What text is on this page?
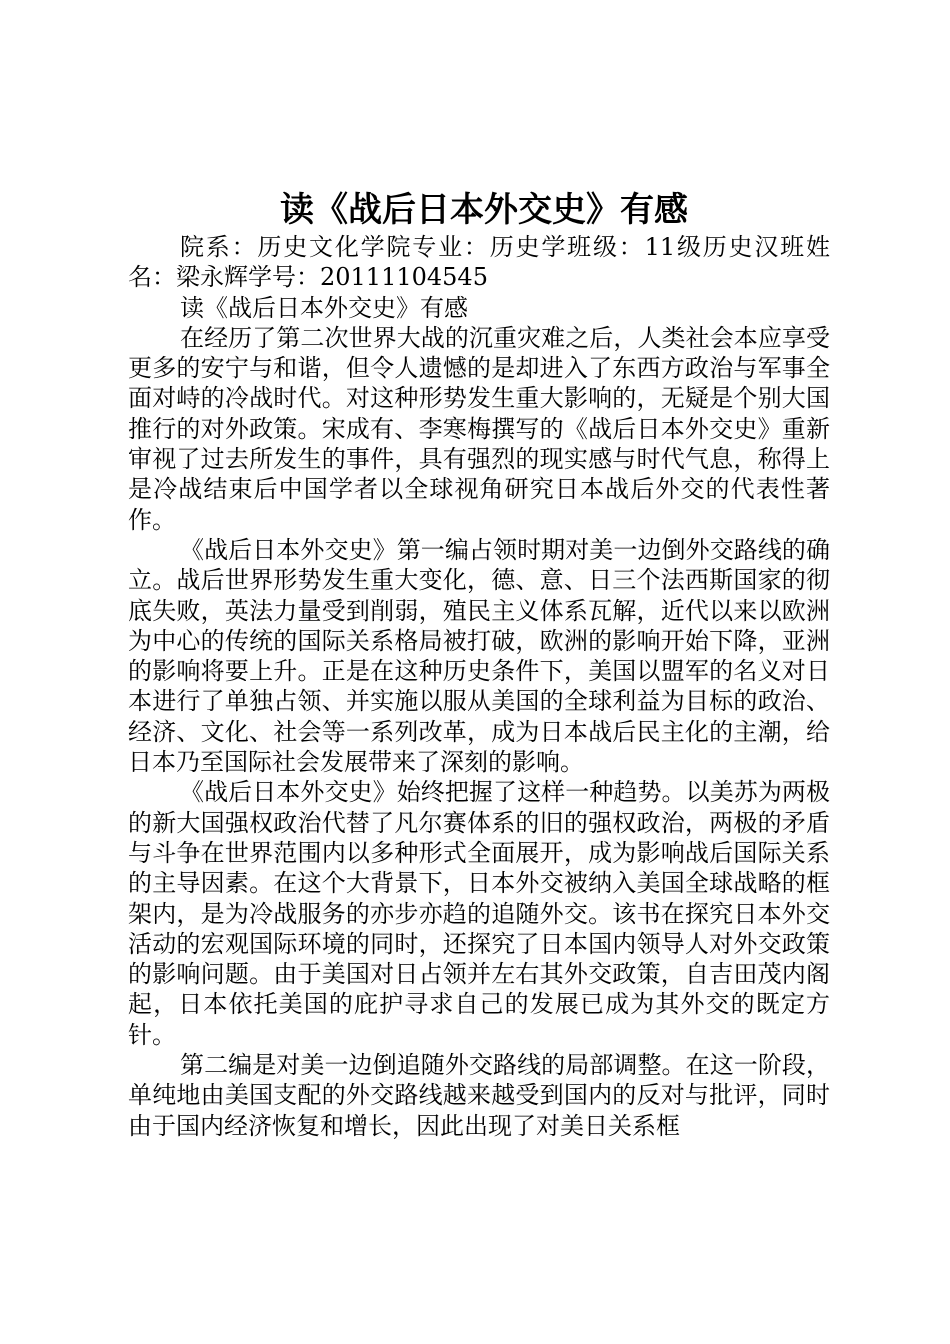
读《战后日本外交史》有感

院系：历史文化学院专业：历史学班级：11级历史汉班姓名：梁永辉学号：20111104545

读《战后日本外交史》有感

在经历了第二次世界大战的沉重灾难之后，人类社会本应享受更多的安宁与和谐，但令人遗憾的是却进入了东西方政治与军事全面对峙的冷战时代。对这种形势发生重大影响的，无疑是个别大国推行的对外政策。宋成有、李寒梅撰写的《战后日本外交史》重新审视了过去所发生的事件，具有强烈的现实感与时代气息，称得上是冷战结束后中国学者以全球视角研究日本战后外交的代表性著作。

《战后日本外交史》第一编占领时期对美一边倒外交路线的确立。战后世界形势发生重大变化，德、意、日三个法西斯国家的彻底失败，英法力量受到削弱，殖民主义体系瓦解，近代以来以欧洲为中心的传统的国际关系格局被打破，欧洲的影响开始下降，亚洲的影响将要上升。正是在这种历史条件下，美国以盟军的名义对日本进行了单独占领、并实施以服从美国的全球利益为目标的政治、经济、文化、社会等一系列改革，成为日本战后民主化的主潮，给日本乃至国际社会发展带来了深刻的影响。

《战后日本外交史》始终把握了这样一种趋势。以美苏为两极的新大国强权政治代替了凡尔赛体系的旧的强权政治，两极的矛盾与斗争在世界范围内以多种形式全面展开，成为影响战后国际关系的主导因素。在这个大背景下，日本外交被纳入美国全球战略的框架内，是为冷战服务的亦步亦趋的追随外交。该书在探究日本外交活动的宏观国际环境的同时，还探究了日本国内领导人对外交政策的影响问题。由于美国对日占领并左右其外交政策，自吉田茂内阁起，日本依托美国的庇护寻求自己的发展已成为其外交的既定方针。

第二编是对美一边倒追随外交路线的局部调整。在这一阶段，单纯地由美国支配的外交路线越来越受到国内的反对与批评，同时由于国内经济恢复和增长，因此出现了对美日关系框
